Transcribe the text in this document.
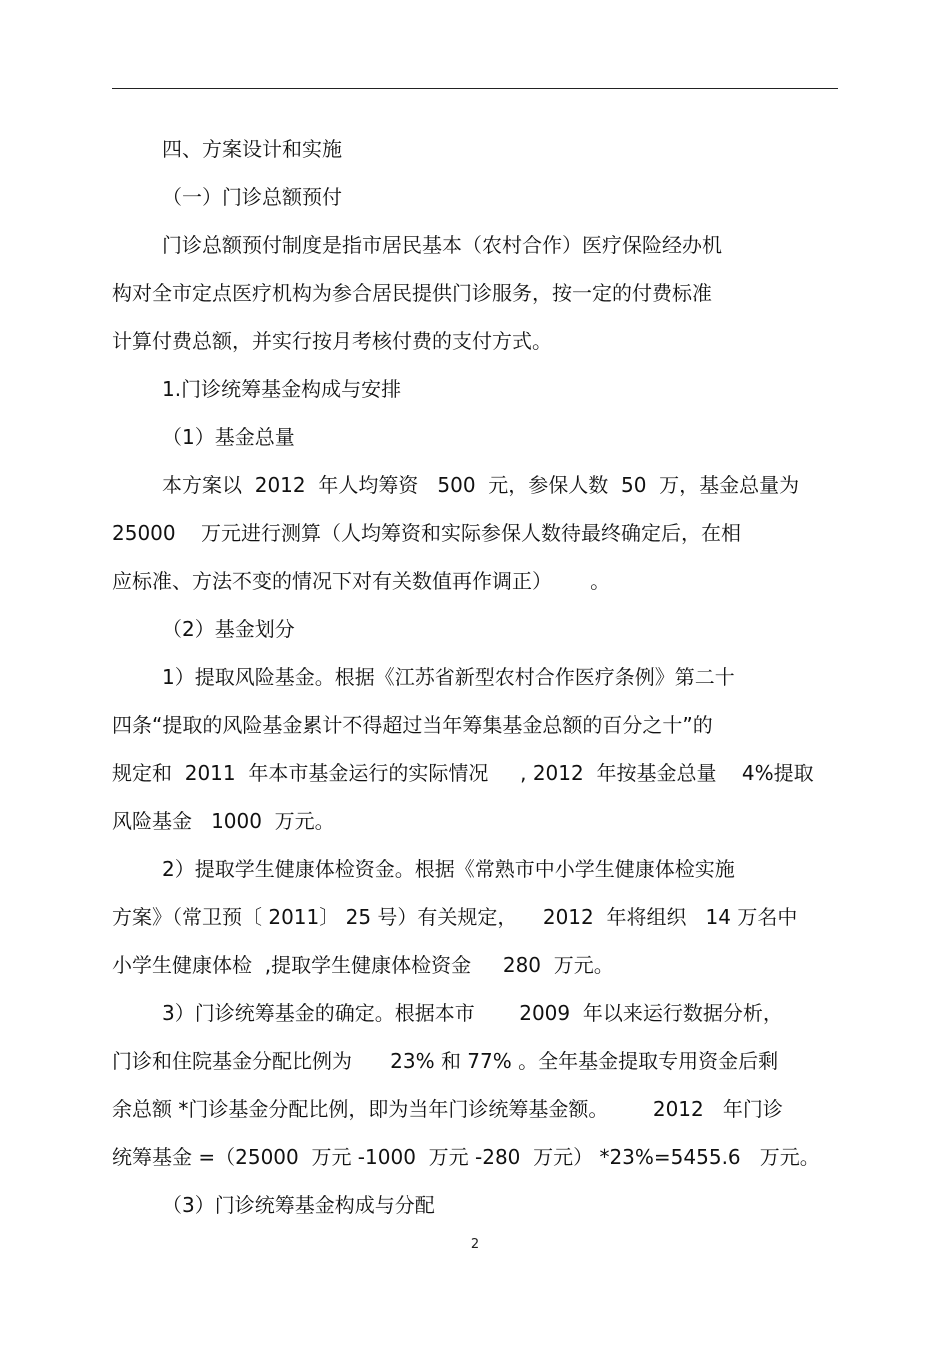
四、方案设计和实施

（一）门诊总额预付

门诊总额预付制度是指市居民基本（农村合作）医疗保险经办机

构对全市定点医疗机构为参合居民提供门诊服务，按一定的付费标准

计算付费总额，并实行按月考核付费的支付方式。

1.门诊统筹基金构成与安排

（1）基金总量

本方案以  2012  年人均筹资   500  元，参保人数  50  万，基金总量为

25000    万元进行测算（人均筹资和实际参保人数待最终确定后，在相

应标准、方法不变的情况下对有关数值再作调正）      。

（2）基金划分

1）提取风险基金。根据《江苏省新型农村合作医疗条例》第二十

四条“提取的风险基金累计不得超过当年筹集基金总额的百分之十”的

规定和  2011  年本市基金运行的实际情况     , 2012  年按基金总量    4%提取

风险基金   1000  万元。

2）提取学生健康体检资金。根据《常熟市中小学生健康体检实施

方案》（常卫预〔 2011〕 25 号）有关规定，    2012  年将组织   14 万名中

小学生健康体检  ,提取学生健康体检资金     280  万元。

3）门诊统筹基金的确定。根据本市       2009  年以来运行数据分析，

门诊和住院基金分配比例为      23% 和 77% 。全年基金提取专用资金后剩

余总额 *门诊基金分配比例，即为当年门诊统筹基金额。       2012   年门诊

统筹基金 =（25000  万元 -1000  万元 -280  万元） *23%=5455.6   万元。

（3）门诊统筹基金构成与分配

2
